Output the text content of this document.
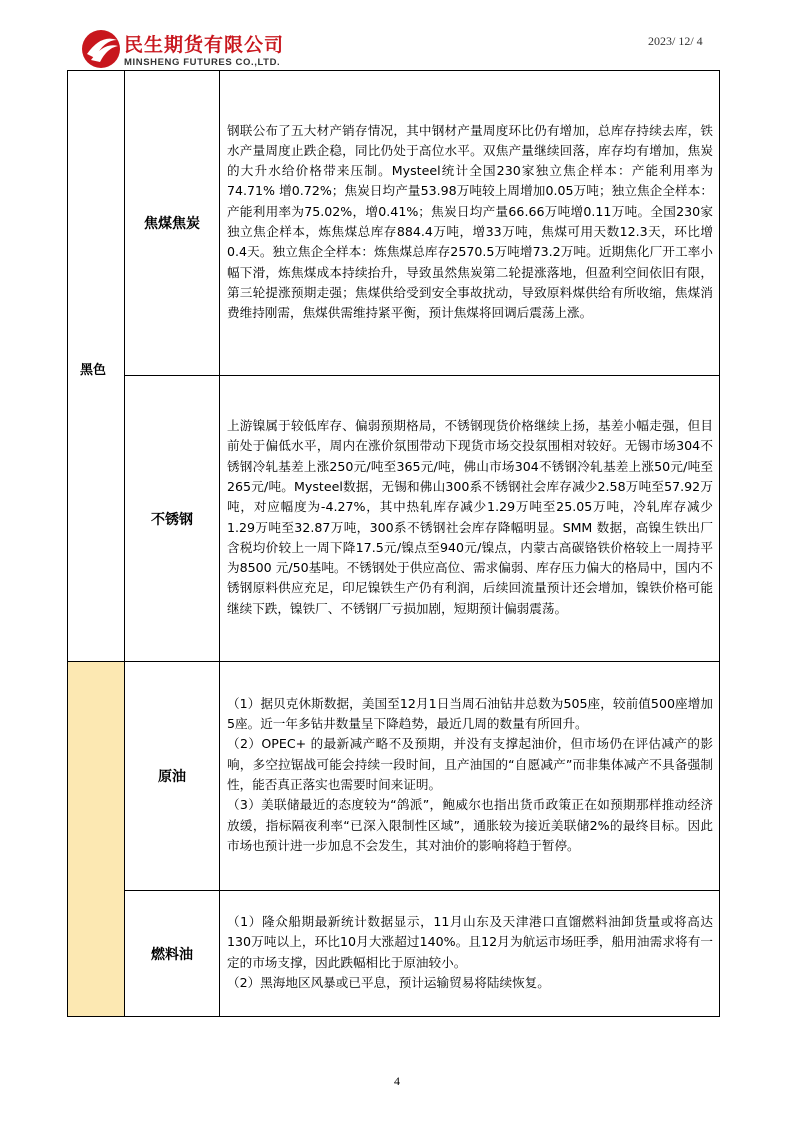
民生期货有限公司
MINSHENG FUTURES CO.,LTD.
2023/ 12/ 4
黑色	焦煤焦炭	钢联公布了五大材产销存情况，其中钢材产量周度环比仍有增加，总库存持续去库，铁水产量周度止跌企稳，同比仍处于高位水平。双焦产量继续回落，库存均有增加，焦炭的大升水给价格带来压制。Mysteel统计全国230家独立焦企样本：产能利用率为74.71% 增0.72%；焦炭日均产量53.98万吨较上周增加0.05万吨；独立焦企全样本：产能利用率为75.02%，增0.41%；焦炭日均产量66.66万吨增0.11万吨。全国230家独立焦企样本，炼焦煤总库存884.4万吨，增33万吨，焦煤可用天数12.3天，环比增0.4天。独立焦企全样本：炼焦煤总库存2570.5万吨增73.2万吨。近期焦化厂开工率小幅下滑，炼焦煤成本持续抬升，导致虽然焦炭第二轮提涨落地，但盈利空间依旧有限，第三轮提涨预期走强；焦煤供给受到安全事故扰动，导致原料煤供给有所收缩，焦煤消费维持刚需，焦煤供需维持紧平衡，预计焦煤将回调后震荡上涨。

	不锈钢	上游镍属于较低库存、偏弱预期格局，不锈钢现货价格继续上扬，基差小幅走强，但目前处于偏低水平，周内在涨价氛围带动下现货市场交投氛围相对较好。无锡市场304不锈钢冷轧基差上涨250元/吨至365元/吨，佛山市场304不锈钢冷轧基差上涨50元/吨至265元/吨。Mysteel数据，无锡和佛山300系不锈钢社会库存减少2.58万吨至57.92万吨，对应幅度为-4.27%，其中热轧库存减少1.29万吨至25.05万吨，冷轧库存减少1.29万吨至32.87万吨，300系不锈钢社会库存降幅明显。SMM 数据，高镍生铁出厂含税均价较上一周下降17.5元/镍点至940元/镍点，内蒙古高碳铬铁价格较上一周持平为8500 元/50基吨。不锈钢处于供应高位、需求偏弱、库存压力偏大的格局中，国内不锈钢原料供应充足，印尼镍铁生产仍有利润，后续回流量预计还会增加，镍铁价格可能继续下跌，镍铁厂、不锈钢厂亏损加剧，短期预计偏弱震荡。

	原油	（1）据贝克休斯数据，美国至12月1日当周石油钻井总数为505座，较前值500座增加5座。近一年多钻井数量呈下降趋势，最近几周的数量有所回升。

（2）OPEC+ 的最新减产略不及预期，并没有支撑起油价，但市场仍在评估减产的影响，多空拉锯战可能会持续一段时间，且产油国的“自愿减产”而非集体减产不具备强制性，能否真正落实也需要时间来证明。

（3）美联储最近的态度较为“鸽派”，鲍威尔也指出货币政策正在如预期那样推动经济放缓，指标隔夜利率“已深入限制性区域”，通胀较为接近美联储2%的最终目标。因此市场也预计进一步加息不会发生，其对油价的影响将趋于暂停。

	燃料油	（1）隆众船期最新统计数据显示，11月山东及天津港口直馏燃料油卸货量或将高达130万吨以上，环比10月大涨超过140%。且12月为航运市场旺季，船用油需求将有一定的市场支撑，因此跌幅相比于原油较小。

（2）黑海地区风暴或已平息，预计运输贸易将陆续恢复。

4
